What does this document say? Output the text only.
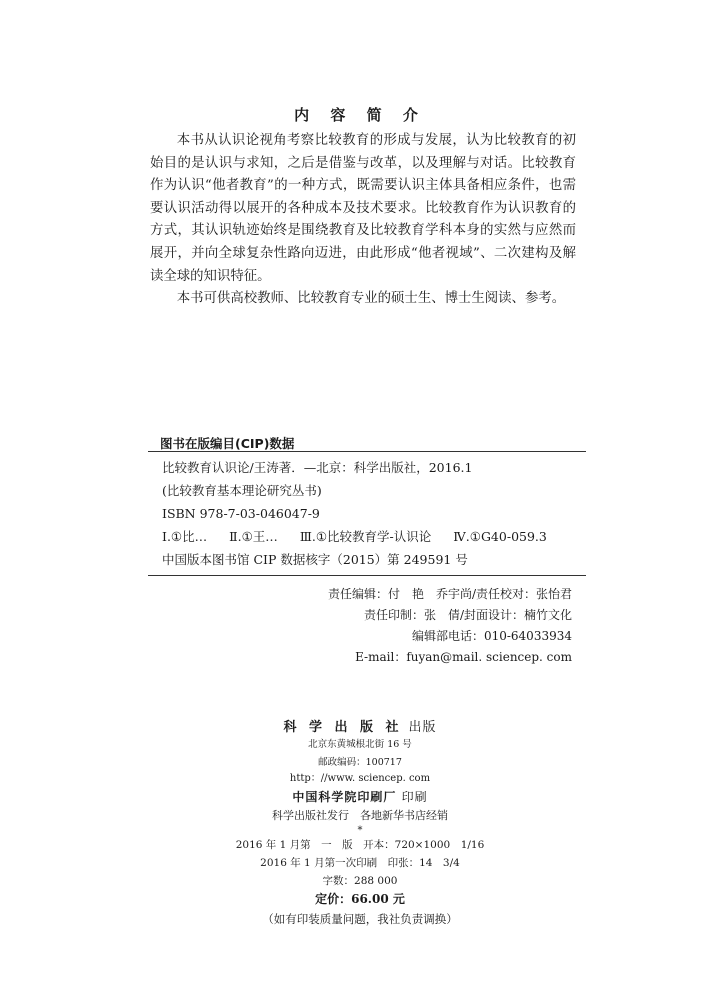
内 容 简 介

本书从认识论视角考察比较教育的形成与发展，认为比较教育的初始目的是认识与求知，之后是借鉴与改革，以及理解与对话。比较教育作为认识“他者教育”的一种方式，既需要认识主体具备相应条件，也需要认识活动得以展开的各种成本及技术要求。比较教育作为认识教育的方式，其认识轨迹始终是围绕教育及比较教育学科本身的实然与应然而展开，并向全球复杂性路向迈进，由此形成“他者视域”、二次建构及解读全球的知识特征。

本书可供高校教师、比较教育专业的硕士生、博士生阅读、参考。

图书在版编目(CIP)数据
比较教育认识论/王涛著．—北京：科学出版社，2016.1
(比较教育基本理论研究丛书)
ISBN 978-7-03-046047-9
Ⅰ.①比… Ⅱ.①王… Ⅲ.①比较教育学-认识论 Ⅳ.①G40-059.3
中国版本图书馆 CIP 数据核字（2015）第 249591 号
责任编辑：付　艳　乔宇尚/责任校对：张怡君
责任印制：张　倩/封面设计：楠竹文化
编辑部电话：010-64033934
E-mail：fuyan@mail. sciencep. com
科 学 出 版 社 出版
北京东黄城根北街 16 号
邮政编码：100717
http：//www. sciencep. com
中国科学院印刷厂 印刷
科学出版社发行　各地新华书店经销
*
2016 年 1 月第　一　版　开本：720×1000　1/16
2016 年 1 月第一次印刷　印张：14　3/4
字数：288 000
定价：66.00 元
（如有印装质量问题，我社负责调换）
